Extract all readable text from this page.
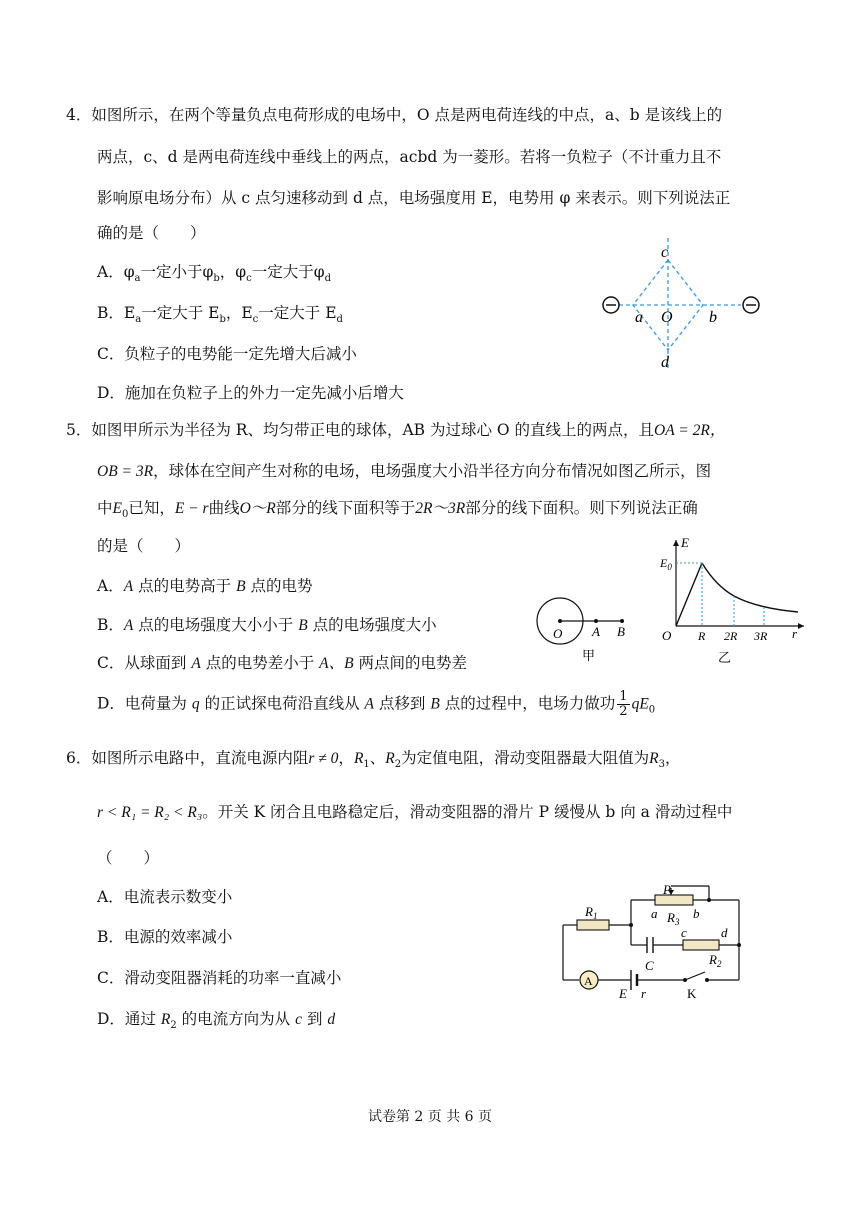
4．如图所示，在两个等量负点电荷形成的电场中，O 点是两电荷连线的中点，a、b 是该线上的
两点，c、d 是两电荷连线中垂线上的两点，acbd 为一菱形。若将一负粒子（不计重力且不
影响原电场分布）从 c 点匀速移动到 d 点，电场强度用 E，电势用 φ 来表示。则下列说法正
确的是（　　）
A．$\varphi_a$一定小于$\varphi_b$，$\varphi_c$一定大于$\varphi_d$
B．$E_a$一定大于 $E_b$，$E_c$一定大于 $E_d$
C．负粒子的电势能一定先增大后减小
D．施加在负粒子上的外力一定先减小后增大
c
d
a	b
O
5．如图甲所示为半径为 R、均匀带正电的球体，AB 为过球心 O 的直线上的两点，且OA = 2R，
OB = 3R，球体在空间产生对称的电场，电场强度大小沿半径方向分布情况如图乙所示，图
中$E_0$已知，E − r曲线O～R部分的线下面积等于2R～3R部分的线下面积。则下列说法正确
的是（　　）
A．A 点的电势高于 B 点的电势
B．A 点的电场强度大小小于 B 点的电场强度大小
C．从球面到 A 点的电势差小于 A、B 两点间的电势差
D．电荷量为 q 的正试探电荷沿直线从 A 点移到 B 点的过程中，电场力做功 $\frac{1}{2} qE_0$
O A B
甲
E
$E_0$
O R 2R 3R r
乙
6．如图所示电路中，直流电源内阻r ≠ 0，$R_1$、$R_2$为定值电阻，滑动变阻器最大阻值为$R_3$，
r < R₁ = R₂ < R₃。开关 K 闭合且电路稳定后，滑动变阻器的滑片 P 缓慢从 b 向 a 滑动过程中
（　　）
A．电流表示数变小
B．电源的效率减小
C．滑动变阻器消耗的功率一直减小
D．通过 $R_2$ 的电流方向为从 c 到 d
$R_1$
P
a $R_3$
b
C
c	d
$R_2$
A
E r	K
试卷第 2 页 共 6 页
